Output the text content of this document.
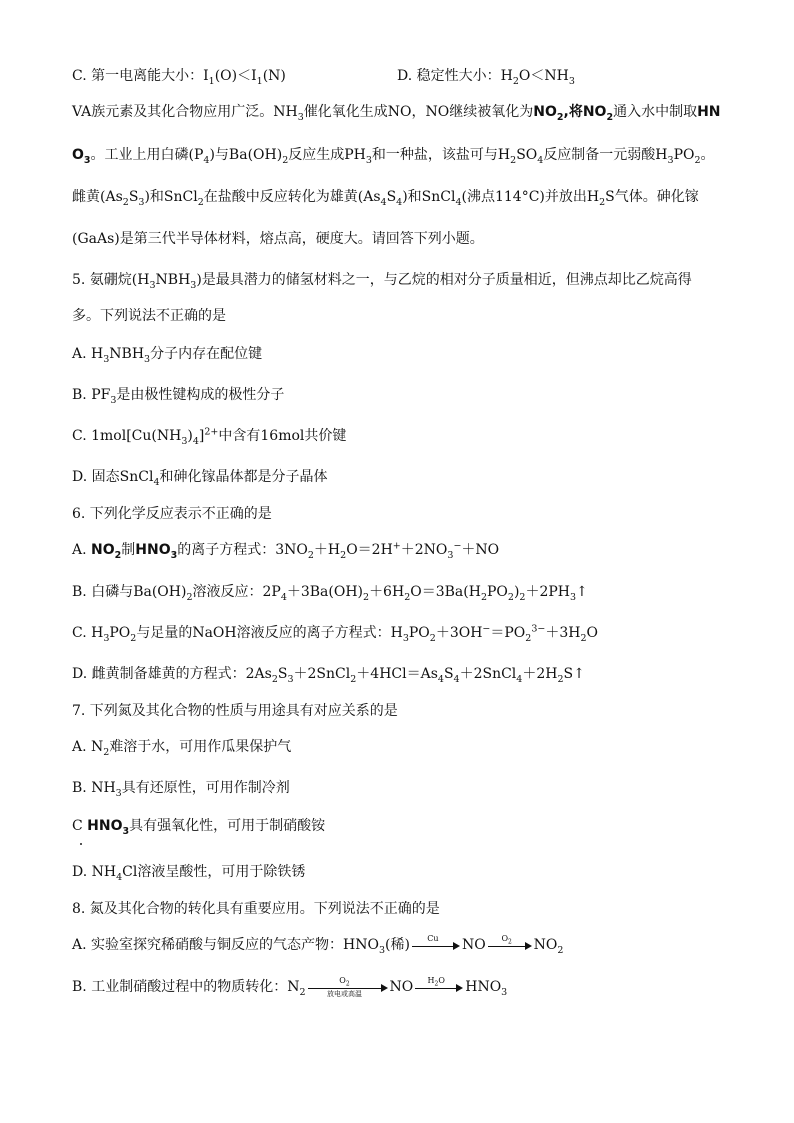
C. 第一电离能大小：$I_1(O)<I_1(N)$	D. 稳定性大小：$H_2O<NH_3$
VA族元素及其化合物应用广泛。$NH_3$催化氧化生成NO，NO继续被氧化为$NO_2$,将$NO_2$通入水中制取HN
$O_3$。工业上用白磷$(P_4)$与$Ba(OH)_2$反应生成$PH_3$和一种盐，该盐可与$H_2SO_4$反应制备一元弱酸$H_3PO_2$。
雌黄$(As_2S_3)$和SnCl$_2$在盐酸中反应转化为雄黄$(As_4S_4)$和SnCl$_4$(沸点114°C)并放出$H_2S$气体。砷化镓
(GaAs)是第三代半导体材料，熔点高，硬度大。请回答下列小题。
5. 氨硼烷$(H_3NBH_3)$是最具潜力的储氢材料之一，与乙烷的相对分子质量相近，但沸点却比乙烷高得
多。下列说法不正确的是
A. $H_3NBH_3$分子内存在配位键
B. $PF_3$是由极性键构成的极性分子
C. $1mol[Cu(NH_3)_4]^{2+}$中含有16mol共价键
D. 固态SnCl$_4$和砷化镓晶体都是分子晶体
6. 下列化学反应表示不正确的是
A. $NO_2$制$HNO_3$的离子方程式：$3NO_2+H_2O=2H^++2NO_3^-+NO$
B. 白磷与$Ba(OH)_2$溶液反应：$2P_4+3Ba(OH)_2+6H_2O=3Ba(H_2PO_2)_2+2PH_3↑$
C. $H_3PO_2$与足量的NaOH溶液反应的离子方程式：$H_3PO_2+3OH^-=PO_2^{3-}+3H_2O$
D. 雌黄制备雄黄的方程式：$2As_2S_3+2SnCl_2+4HCl=As_4S_4+2SnCl_4+2H_2S↑$
7. 下列氮及其化合物的性质与用途具有对应关系的是
A. $N_2$难溶于水，可用作瓜果保护气
B. $NH_3$具有还原性，可用作制冷剂
C $HNO_3$具有强氧化性，可用于制硝酸铵
D. $NH_4Cl$溶液呈酸性，可用于除铁锈
8. 氮及其化合物的转化具有重要应用。下列说法不正确的是
A. 实验室探究稀硝酸与铜反应的气态产物：$HNO_3$(稀)	Cu	NO	$O_2$	$NO_2$
B. 工业制硝酸过程中的物质转化：$N_2$
$O_2$
放电或高温	NO	$H_2O$	$HNO_3$
